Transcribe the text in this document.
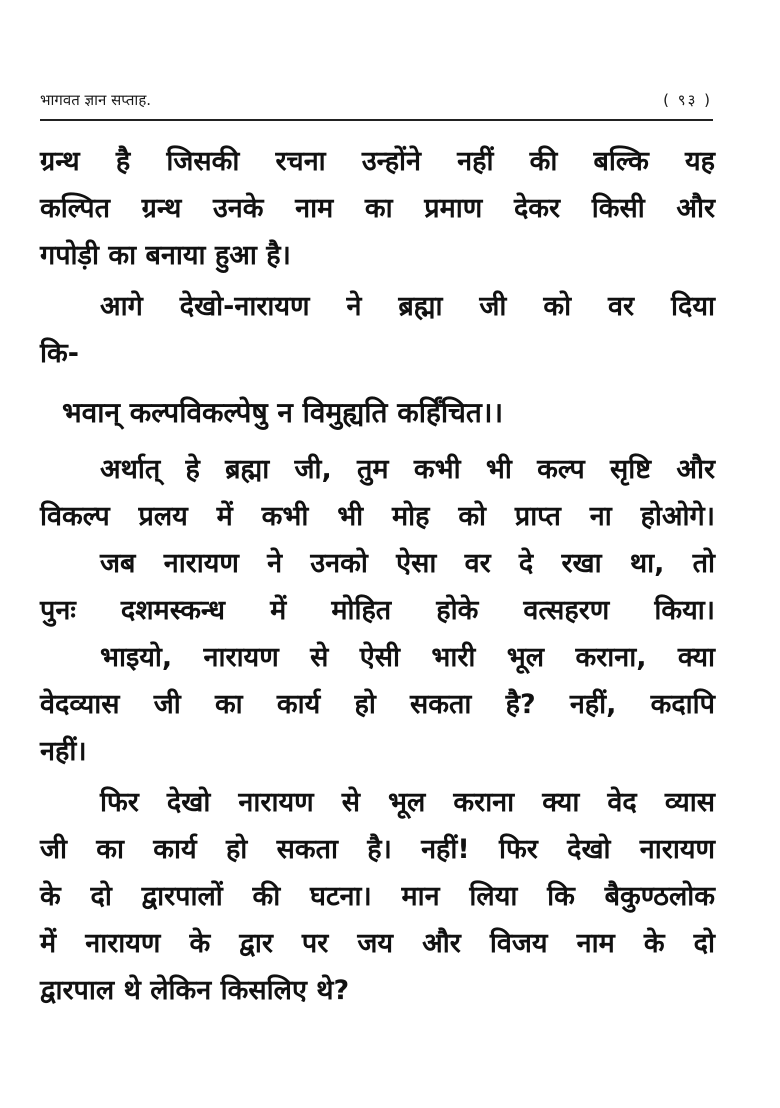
भागवत ज्ञान सप्ताह.	( ९३ )
ग्रन्थ है जिसकी रचना उन्होंने नहीं की बल्कि यह
कल्पित ग्रन्थ उनके नाम का प्रमाण देकर किसी और
गपोड़ी का बनाया हुआ है।
आगे देखो-नारायण ने ब्रह्मा जी को वर दिया
कि-
भवान् कल्पविकल्पेषु न विमुह्यति कर्हिंचित।।
अर्थात् हे ब्रह्मा जी, तुम कभी भी कल्प सृष्टि और
विकल्प प्रलय में कभी भी मोह को प्राप्त ना होओगे।
जब नारायण ने उनको ऐसा वर दे रखा था, तो
पुनः दशमस्कन्ध में मोहित होके वत्सहरण किया।
भाइयो, नारायण से ऐसी भारी भूल कराना, क्या
वेदव्यास जी का कार्य हो सकता है? नहीं, कदापि
नहीं।
फिर देखो नारायण से भूल कराना क्या वेद व्यास
जी का कार्य हो सकता है। नहीं! फिर देखो नारायण
के दो द्वारपालों की घटना। मान लिया कि बैकुण्ठलोक
में नारायण के द्वार पर जय और विजय नाम के दो
द्वारपाल थे लेकिन किसलिए थे?
